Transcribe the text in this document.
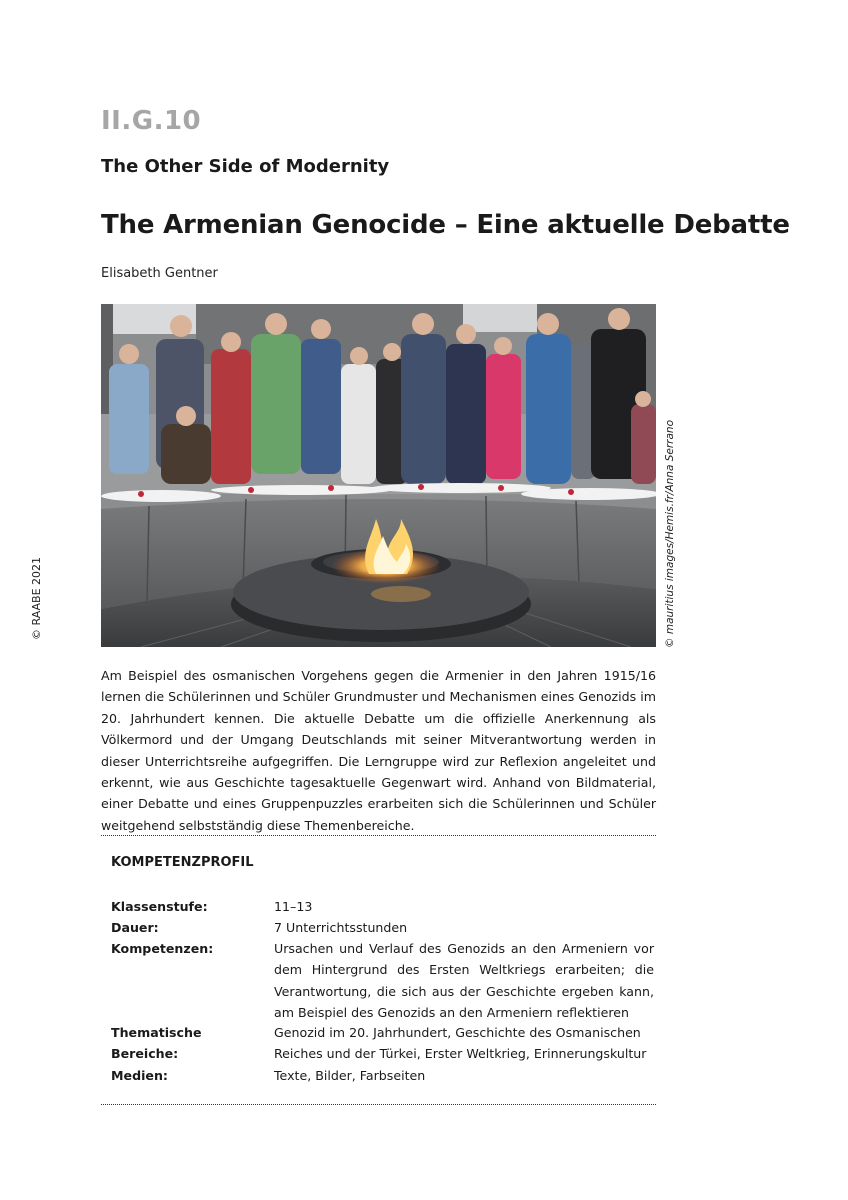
II.G.10
The Other Side of Modernity
The Armenian Genocide – Eine aktuelle Debatte
Elisabeth Gentner
© RAABE 2021	© mauritius images/Hemis.fr/Anna Serrano
Am Beispiel des osmanischen Vorgehens gegen die Armenier in den Jahren 1915/16 lernen die Schülerinnen und Schüler Grundmuster und Mechanismen eines Genozids im 20. Jahrhundert kennen. Die aktuelle Debatte um die offizielle Anerkennung als Völkermord und der Umgang Deutschlands mit seiner Mitverantwortung werden in dieser Unterrichtsreihe aufgegriffen. Die Lerngruppe wird zur Reflexion angeleitet und erkennt, wie aus Geschichte tagesaktuelle Gegenwart wird. Anhand von Bildmaterial, einer Debatte und eines Gruppenpuzzles erarbeiten sich die Schülerinnen und Schüler weitgehend selbstständig diese Themenbereiche.
KOMPETENZPROFIL
Klassenstufe:	11–13
Dauer:	7 Unterrichtsstunden
Kompetenzen:	Ursachen und Verlauf des Genozids an den Armeniern vor dem Hintergrund des Ersten Weltkriegs erarbeiten; die Verantwortung, die sich aus der Geschichte ergeben kann, am Beispiel des Genozids an den Armeniern reflektieren
Thematische Bereiche:
Genozid im 20. Jahrhundert, Geschichte des Osmanischen Reiches und der Türkei, Erster Weltkrieg, Erinnerungskultur
Medien:	Texte, Bilder, Farbseiten
